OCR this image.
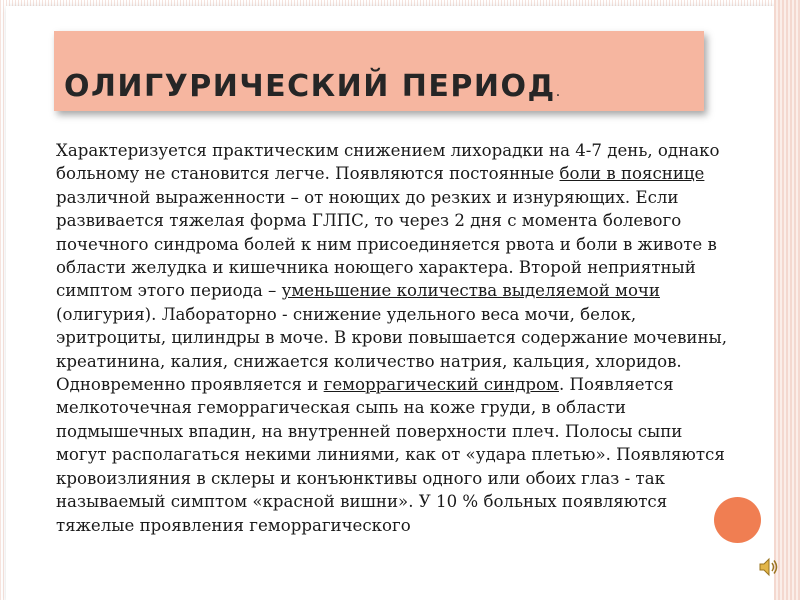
ОЛИГУРИЧЕСКИЙ ПЕРИОД.

Характеризуется практическим снижением лихорадки на 4-7 день, однако больному не становится легче. Появляются постоянные боли в пояснице различной выраженности – от ноющих до резких и изнуряющих. Если развивается тяжелая форма ГЛПС, то через 2 дня с момента болевого почечного синдрома болей к ним присоединяется рвота и боли в животе в области желудка и кишечника ноющего характера. Второй неприятный симптом этого периода – уменьшение количества выделяемой мочи (олигурия). Лабораторно - снижение удельного веса мочи, белок, эритроциты, цилиндры в моче. В крови повышается содержание мочевины, креатинина, калия, снижается количество натрия, кальция, хлоридов.
Одновременно проявляется и геморрагический синдром. Появляется мелкоточечная геморрагическая сыпь на коже груди, в области подмышечных впадин, на внутренней поверхности плеч. Полосы сыпи могут располагаться некими линиями, как от «удара плетью». Появляются кровоизлияния в склеры и конъюнктивы одного или обоих глаз - так называемый симптом «красной вишни». У 10 % больных появляются тяжелые проявления геморрагического
